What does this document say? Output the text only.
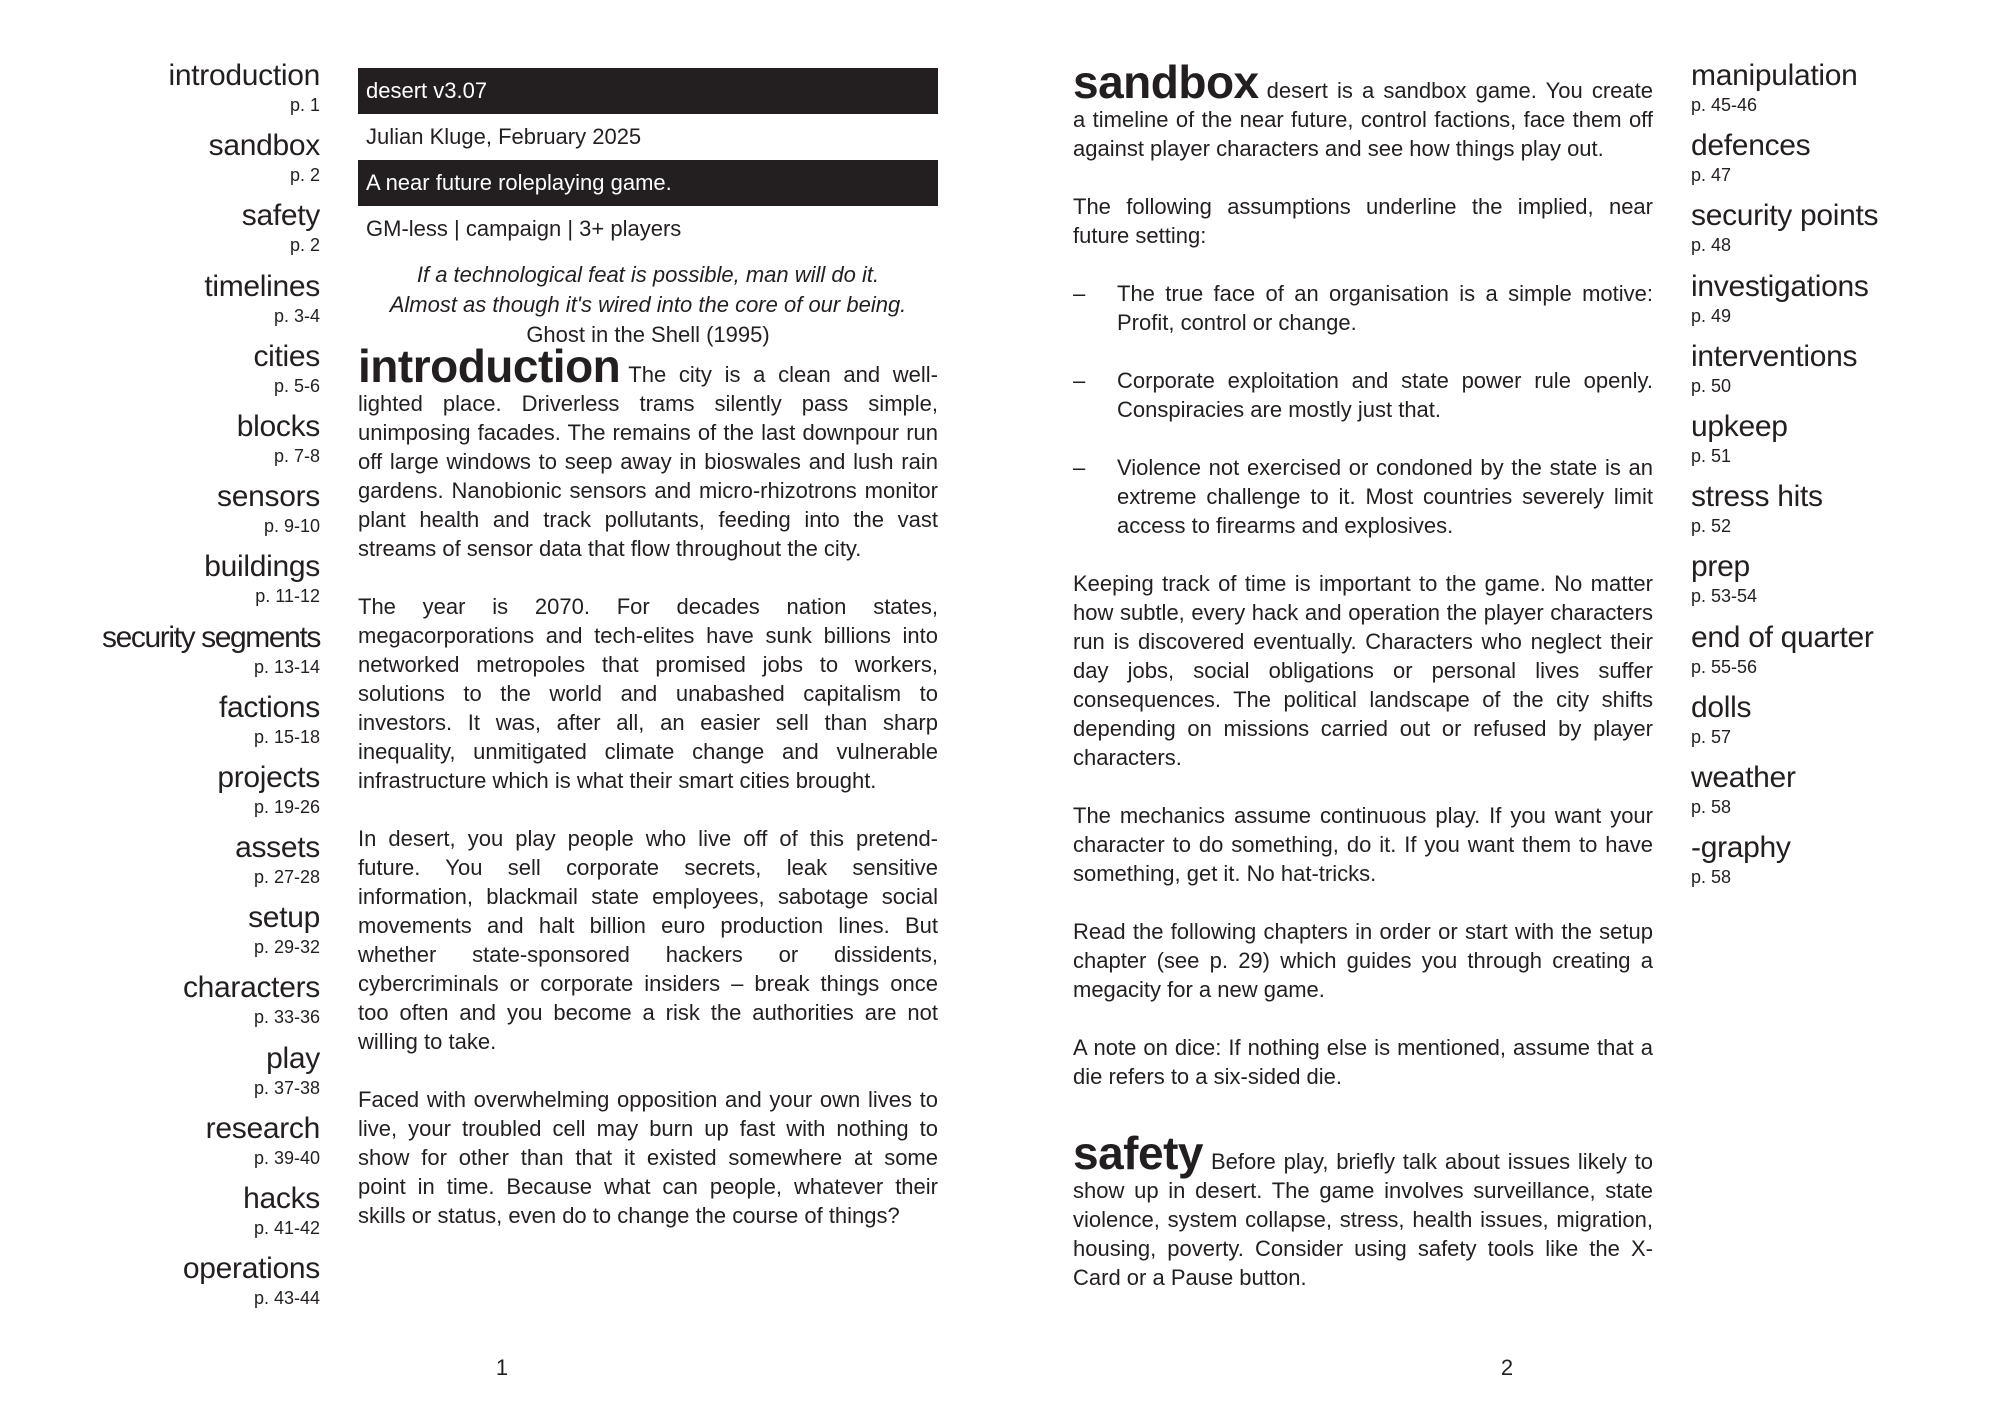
introduction
p. 1
sandbox
p. 2
safety
p. 2
timelines
p. 3-4
cities
p. 5-6
blocks
p. 7-8
sensors
p. 9-10
buildings
p. 11-12
security segments
p. 13-14
factions
p. 15-18
projects
p. 19-26
assets
p. 27-28
setup
p. 29-32
characters
p. 33-36
play
p. 37-38
research
p. 39-40
hacks
p. 41-42
operations
p. 43-44
desert v3.07
Julian Kluge, February 2025
A near future roleplaying game.
GM-less | campaign | 3+ players
If a technological feat is possible, man will do it.
Almost as though it's wired into the core of our being.
Ghost in the Shell (1995)

introduction The city is a clean and well-lighted place. Driverless trams silently pass simple, unimposing facades. The remains of the last downpour run off large windows to seep away in bioswales and lush rain gardens. Nanobionic sensors and micro-rhizotrons monitor plant health and track pollutants, feeding into the vast streams of sensor data that flow throughout the city.

The year is 2070. For decades nation states, megacorporations and tech-elites have sunk billions into networked metropoles that promised jobs to workers, solutions to the world and unabashed capitalism to investors. It was, after all, an easier sell than sharp inequality, unmitigated climate change and vulnerable infrastructure which is what their smart cities brought.

In desert, you play people who live off of this pretend-future. You sell corporate secrets, leak sensitive information, blackmail state employees, sabotage social movements and halt billion euro production lines. But whether state-sponsored hackers or dissidents, cybercriminals or corporate insiders – break things once too often and you become a risk the authorities are not willing to take.

Faced with overwhelming opposition and your own lives to live, your troubled cell may burn up fast with nothing to show for other than that it existed somewhere at some point in time. Because what can people, whatever their skills or status, even do to change the course of things?

sandbox desert is a sandbox game. You create a timeline of the near future, control factions, face them off against player characters and see how things play out.

The following assumptions underline the implied, near future setting:

– The true face of an organisation is a simple motive: Profit, control or change.
– Corporate exploitation and state power rule openly. Conspiracies are mostly just that.
– Violence not exercised or condoned by the state is an extreme challenge to it. Most countries severely limit access to firearms and explosives.

Keeping track of time is important to the game. No matter how subtle, every hack and operation the player characters run is discovered eventually. Characters who neglect their day jobs, social obligations or personal lives suffer consequences. The political landscape of the city shifts depending on missions carried out or refused by player characters.

The mechanics assume continuous play. If you want your character to do something, do it. If you want them to have something, get it. No hat-tricks.

Read the following chapters in order or start with the setup chapter (see p. 29) which guides you through creating a megacity for a new game.

A note on dice: If nothing else is mentioned, assume that a die refers to a six-sided die.

safety Before play, briefly talk about issues likely to show up in desert. The game involves surveillance, state violence, system collapse, stress, health issues, migration, housing, poverty. Consider using safety tools like the X-Card or a Pause button.

manipulation
p. 45-46
defences
p. 47
security points
p. 48
investigations
p. 49
interventions
p. 50
upkeep
p. 51
stress hits
p. 52
prep
p. 53-54
end of quarter
p. 55-56
dolls
p. 57
weather
p. 58
-graphy
p. 58
1	2
